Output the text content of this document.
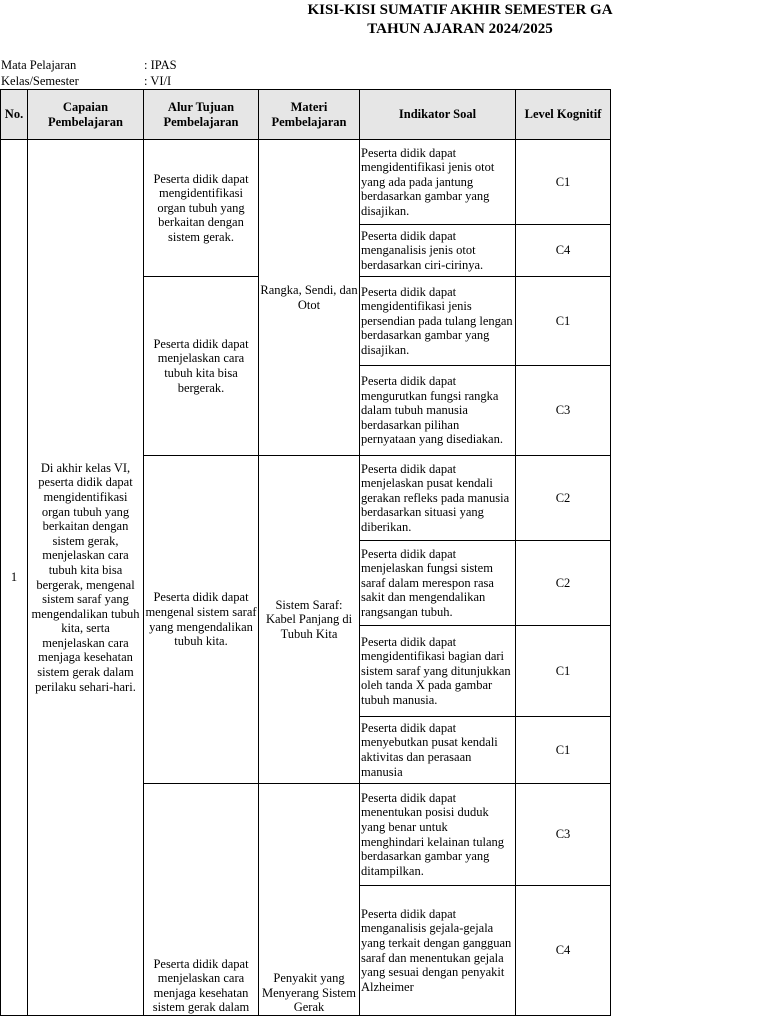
KISI-KISI SUMATIF AKHIR SEMESTER GA
TAHUN AJARAN 2024/2025
Mata Pelajaran	: IPAS
Kelas/Semester	: VI/I
No.	Capaian Pembelajaran	Alur Tujuan Pembelajaran	Materi Pembelajaran	Indikator Soal	Level Kognitif
1	Di akhir kelas VI, peserta didik dapat mengidentifikasi organ tubuh yang berkaitan dengan sistem gerak, menjelaskan cara tubuh kita bisa bergerak, mengenal sistem saraf yang mengendalikan tubuh kita, serta menjelaskan cara menjaga kesehatan sistem gerak dalam perilaku sehari-hari.	Peserta didik dapat mengidentifikasi organ tubuh yang berkaitan dengan sistem gerak.	Rangka, Sendi, dan Otot	Peserta didik dapat mengidentifikasi jenis otot yang ada pada jantung berdasarkan gambar yang disajikan.	C1
				Peserta didik dapat menganalisis jenis otot berdasarkan ciri-cirinya.	C4
		Peserta didik dapat menjelaskan cara tubuh kita bisa bergerak.		Peserta didik dapat mengidentifikasi jenis persendian pada tulang lengan berdasarkan gambar yang disajikan.	C1
				Peserta didik dapat mengurutkan fungsi rangka dalam tubuh manusia berdasarkan pilihan pernyataan yang disediakan.	C3
		Peserta didik dapat mengenal sistem saraf yang mengendalikan tubuh kita.	Sistem Saraf: Kabel Panjang di Tubuh Kita	Peserta didik dapat menjelaskan pusat kendali gerakan refleks pada manusia berdasarkan situasi yang diberikan.	C2
				Peserta didik dapat menjelaskan fungsi sistem saraf dalam merespon rasa sakit dan mengendalikan rangsangan tubuh.	C2
				Peserta didik dapat mengidentifikasi bagian dari sistem saraf yang ditunjukkan oleh tanda X pada gambar tubuh manusia.	C1
				Peserta didik dapat menyebutkan pusat kendali aktivitas dan perasaan manusia	C1
		Peserta didik dapat menjelaskan cara menjaga kesehatan sistem gerak dalam	Penyakit yang Menyerang Sistem Gerak	Peserta didik dapat menentukan posisi duduk yang benar untuk menghindari kelainan tulang berdasarkan gambar yang ditampilkan.	C3
				Peserta didik dapat menganalisis gejala-gejala yang terkait dengan gangguan saraf dan menentukan gejala yang sesuai dengan penyakit Alzheimer	C4
